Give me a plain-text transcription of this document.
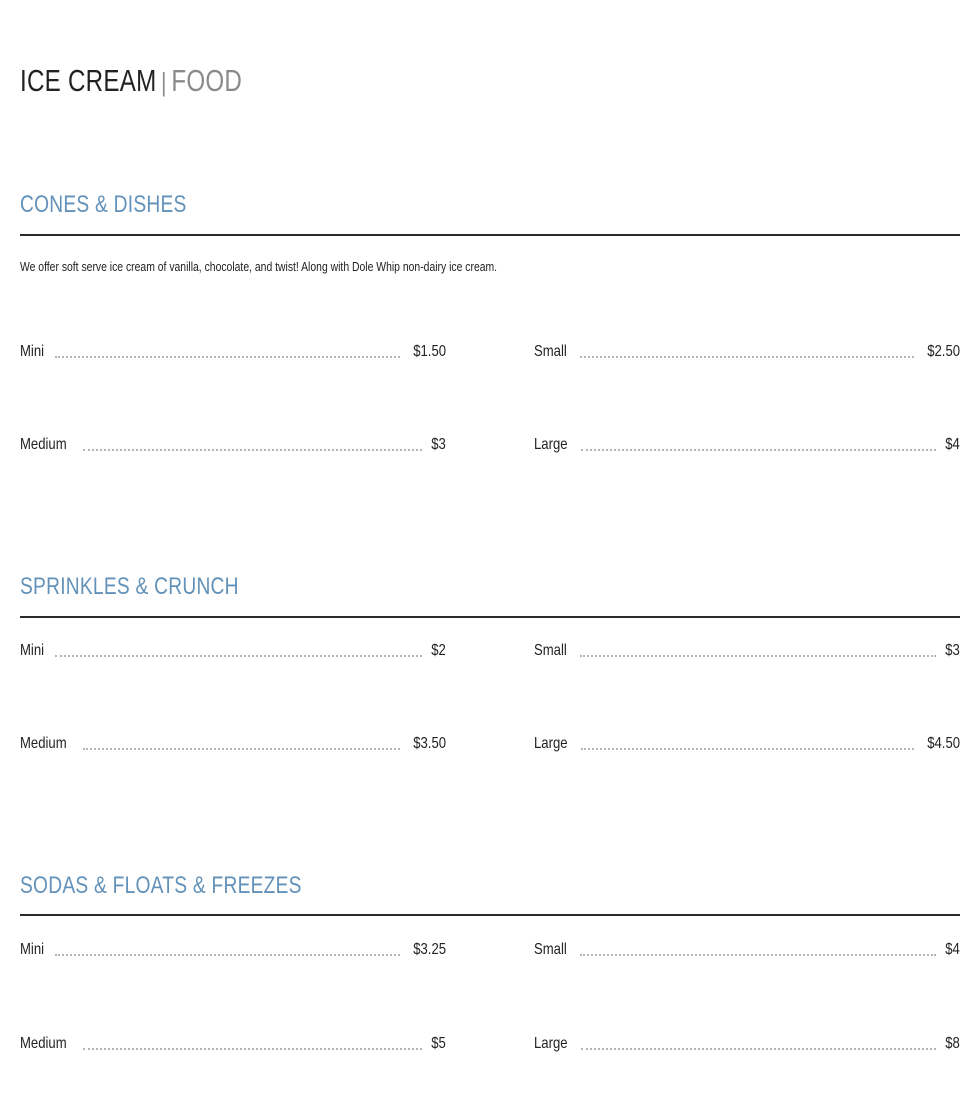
ICE CREAM | FOOD
CONES & DISHES
We offer soft serve ice cream of vanilla, chocolate, and twist! Along with Dole Whip non-dairy ice cream.
Mini	$1.50	Small	$2.50
Medium	$3	Large	$4
SPRINKLES & CRUNCH
Mini	$2	Small	$3
Medium	$3.50	Large	$4.50
SODAS & FLOATS & FREEZES
Mini	$3.25	Small	$4
Medium	$5	Large	$8
